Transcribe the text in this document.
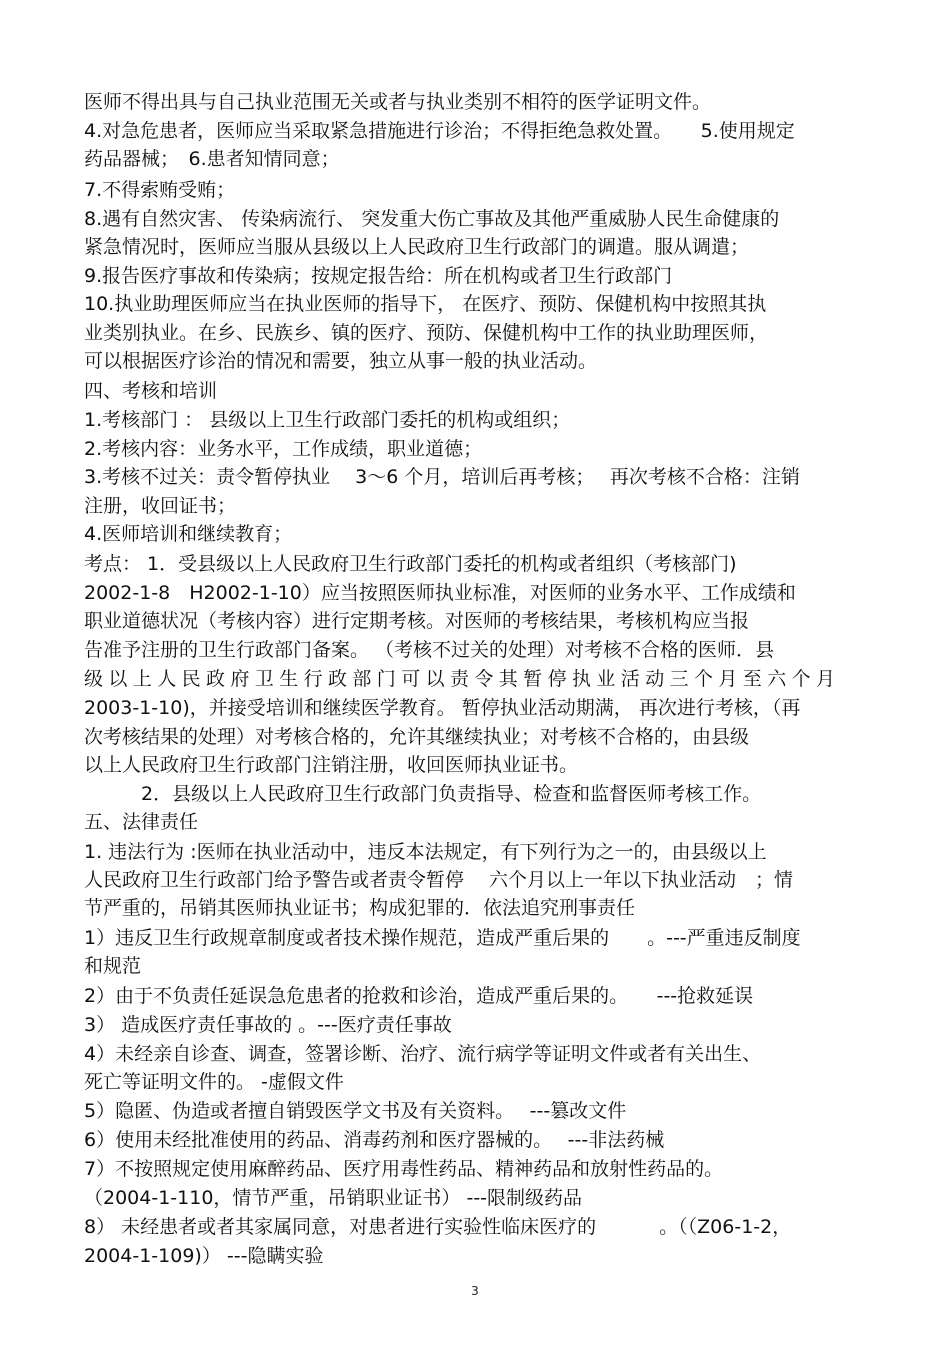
医师不得出具与自己执业范围无关或者与执业类别不相符的医学证明文件。
4.对急危患者，医师应当采取紧急措施进行诊治；不得拒绝急救处置。　　5.使用规定
药品器械；　6.患者知情同意；
7.不得索贿受贿；
8.遇有自然灾害、 传染病流行、 突发重大伤亡事故及其他严重威胁人民生命健康的
紧急情况时，医师应当服从县级以上人民政府卫生行政部门的调遣。服从调遣；
9.报告医疗事故和传染病；按规定报告给：所在机构或者卫生行政部门
10.执业助理医师应当在执业医师的指导下， 在医疗、预防、保健机构中按照其执
业类别执业。在乡、民族乡、镇的医疗、预防、保健机构中工作的执业助理医师，
可以根据医疗诊治的情况和需要，独立从事一般的执业活动。
四、考核和培训
1.考核部门 ： 县级以上卫生行政部门委托的机构或组织；
2.考核内容：业务水平，工作成绩，职业道德；
3.考核不过关：责令暂停执业　 3～6 个月，培训后再考核；　 再次考核不合格：注销
注册，收回证书；
4.医师培训和继续教育；
考点： 1．受县级以上人民政府卫生行政部门委托的机构或者组织（考核部门)
2002-1-8　H2002-1-10）应当按照医师执业标准，对医师的业务水平、工作成绩和
职业道德状况（考核内容）进行定期考核。对医师的考核结果，考核机构应当报
告准予注册的卫生行政部门备案。 （考核不过关的处理）对考核不合格的医师．县
级以上人民政府卫生行政部门可以责令其暂停执业活动三个月至六个月
2003-1-10)，并接受培训和继续医学教育。 暂停执业活动期满， 再次进行考核，（再
次考核结果的处理）对考核合格的，允许其继续执业；对考核不合格的，由县级
以上人民政府卫生行政部门注销注册，收回医师执业证书。
　　　2．县级以上人民政府卫生行政部门负责指导、检查和监督医师考核工作。
五、法律责任
1. 违法行为 :医师在执业活动中，违反本法规定，有下列行为之一的，由县级以上
人民政府卫生行政部门给予警告或者责令暂停　 六个月以上一年以下执业活动　；情
节严重的，吊销其医师执业证书；构成犯罪的．依法追究刑事责任
1）违反卫生行政规章制度或者技术操作规范，造成严重后果的　　。---严重违反制度
和规范
2）由于不负责任延误急危患者的抢救和诊治，造成严重后果的。　　---抢救延误
3） 造成医疗责任事故的 。---医疗责任事故
4）未经亲自诊查、调查，签署诊断、治疗、流行病学等证明文件或者有关出生、
死亡等证明文件的。 -虚假文件
5）隐匿、伪造或者擅自销毁医学文书及有关资料。　 ---篡改文件
6）使用未经批准使用的药品、消毒药剂和医疗器械的。　 ---非法药械
7）不按照规定使用麻醉药品、医疗用毒性药品、精神药品和放射性药品的。
（2004-1-110，情节严重，吊销职业证书） ---限制级药品
8） 未经患者或者其家属同意，对患者进行实验性临床医疗的　　　 。（（Z06-1-2，
2004-1-109)） ---隐瞒实验
3
